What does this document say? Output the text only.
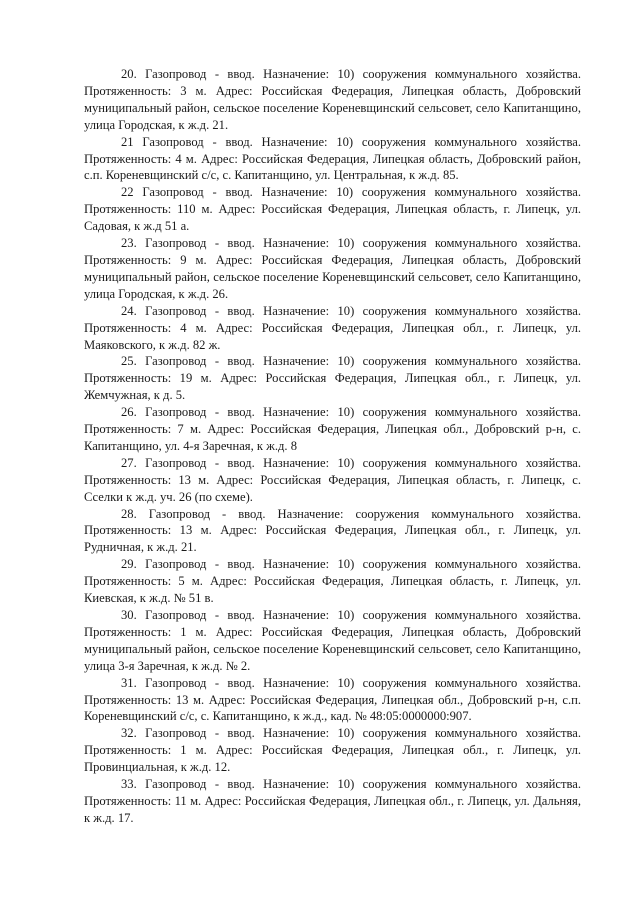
20. Газопровод - ввод. Назначение: 10) сооружения коммунального хозяйства. Протяженность: 3 м. Адрес: Российская Федерация, Липецкая область, Добровский муниципальный район, сельское поселение Кореневщинский сельсовет, село Капитанщино, улица Городская, к ж.д. 21.

21 Газопровод - ввод. Назначение: 10) сооружения коммунального хозяйства. Протяженность: 4 м. Адрес: Российская Федерация, Липецкая область, Добровский район, с.п. Кореневщинский с/с, с. Капитанщино, ул. Центральная, к ж.д. 85.

22 Газопровод - ввод. Назначение: 10) сооружения коммунального хозяйства. Протяженность: 110 м. Адрес: Российская Федерация, Липецкая область, г. Липецк, ул. Садовая, к ж.д 51 а.

23. Газопровод - ввод. Назначение: 10) сооружения коммунального хозяйства. Протяженность: 9 м. Адрес: Российская Федерация, Липецкая область, Добровский муниципальный район, сельское поселение Кореневщинский сельсовет, село Капитанщино, улица Городская, к ж.д. 26.

24. Газопровод - ввод. Назначение: 10) сооружения коммунального хозяйства. Протяженность: 4 м. Адрес: Российская Федерация, Липецкая обл., г. Липецк, ул. Маяковского, к ж.д. 82 ж.

25. Газопровод - ввод. Назначение: 10) сооружения коммунального хозяйства. Протяженность: 19 м. Адрес: Российская Федерация, Липецкая обл., г. Липецк, ул. Жемчужная, к д. 5.

26. Газопровод - ввод. Назначение: 10) сооружения коммунального хозяйства. Протяженность: 7 м. Адрес: Российская Федерация, Липецкая обл., Добровский р-н, с. Капитанщино, ул. 4-я Заречная, к ж.д. 8

27. Газопровод - ввод. Назначение: 10) сооружения коммунального хозяйства. Протяженность: 13 м. Адрес: Российская Федерация, Липецкая область, г. Липецк, с. Сселки к ж.д. уч. 26 (по схеме).

28. Газопровод - ввод. Назначение: сооружения коммунального хозяйства. Протяженность: 13 м. Адрес: Российская Федерация, Липецкая обл., г. Липецк, ул. Рудничная, к ж.д. 21.

29. Газопровод - ввод. Назначение: 10) сооружения коммунального хозяйства. Протяженность: 5 м. Адрес: Российская Федерация, Липецкая область, г. Липецк, ул. Киевская, к ж.д. № 51 в.

30. Газопровод - ввод. Назначение: 10) сооружения коммунального хозяйства. Протяженность: 1 м. Адрес: Российская Федерация, Липецкая область, Добровский муниципальный район, сельское поселение Кореневщинский сельсовет, село Капитанщино, улица 3-я Заречная, к ж.д. № 2.

31. Газопровод - ввод. Назначение: 10) сооружения коммунального хозяйства. Протяженность: 13 м. Адрес: Российская Федерация, Липецкая обл., Добровский р-н, с.п. Кореневщинский с/с, с. Капитанщино, к ж.д., кад. № 48:05:0000000:907.

32. Газопровод - ввод. Назначение: 10) сооружения коммунального хозяйства. Протяженность: 1 м. Адрес: Российская Федерация, Липецкая обл., г. Липецк, ул. Провинциальная, к ж.д. 12.

33. Газопровод - ввод. Назначение: 10) сооружения коммунального хозяйства. Протяженность: 11 м. Адрес: Российская Федерация, Липецкая обл., г. Липецк, ул. Дальняя, к ж.д. 17.
